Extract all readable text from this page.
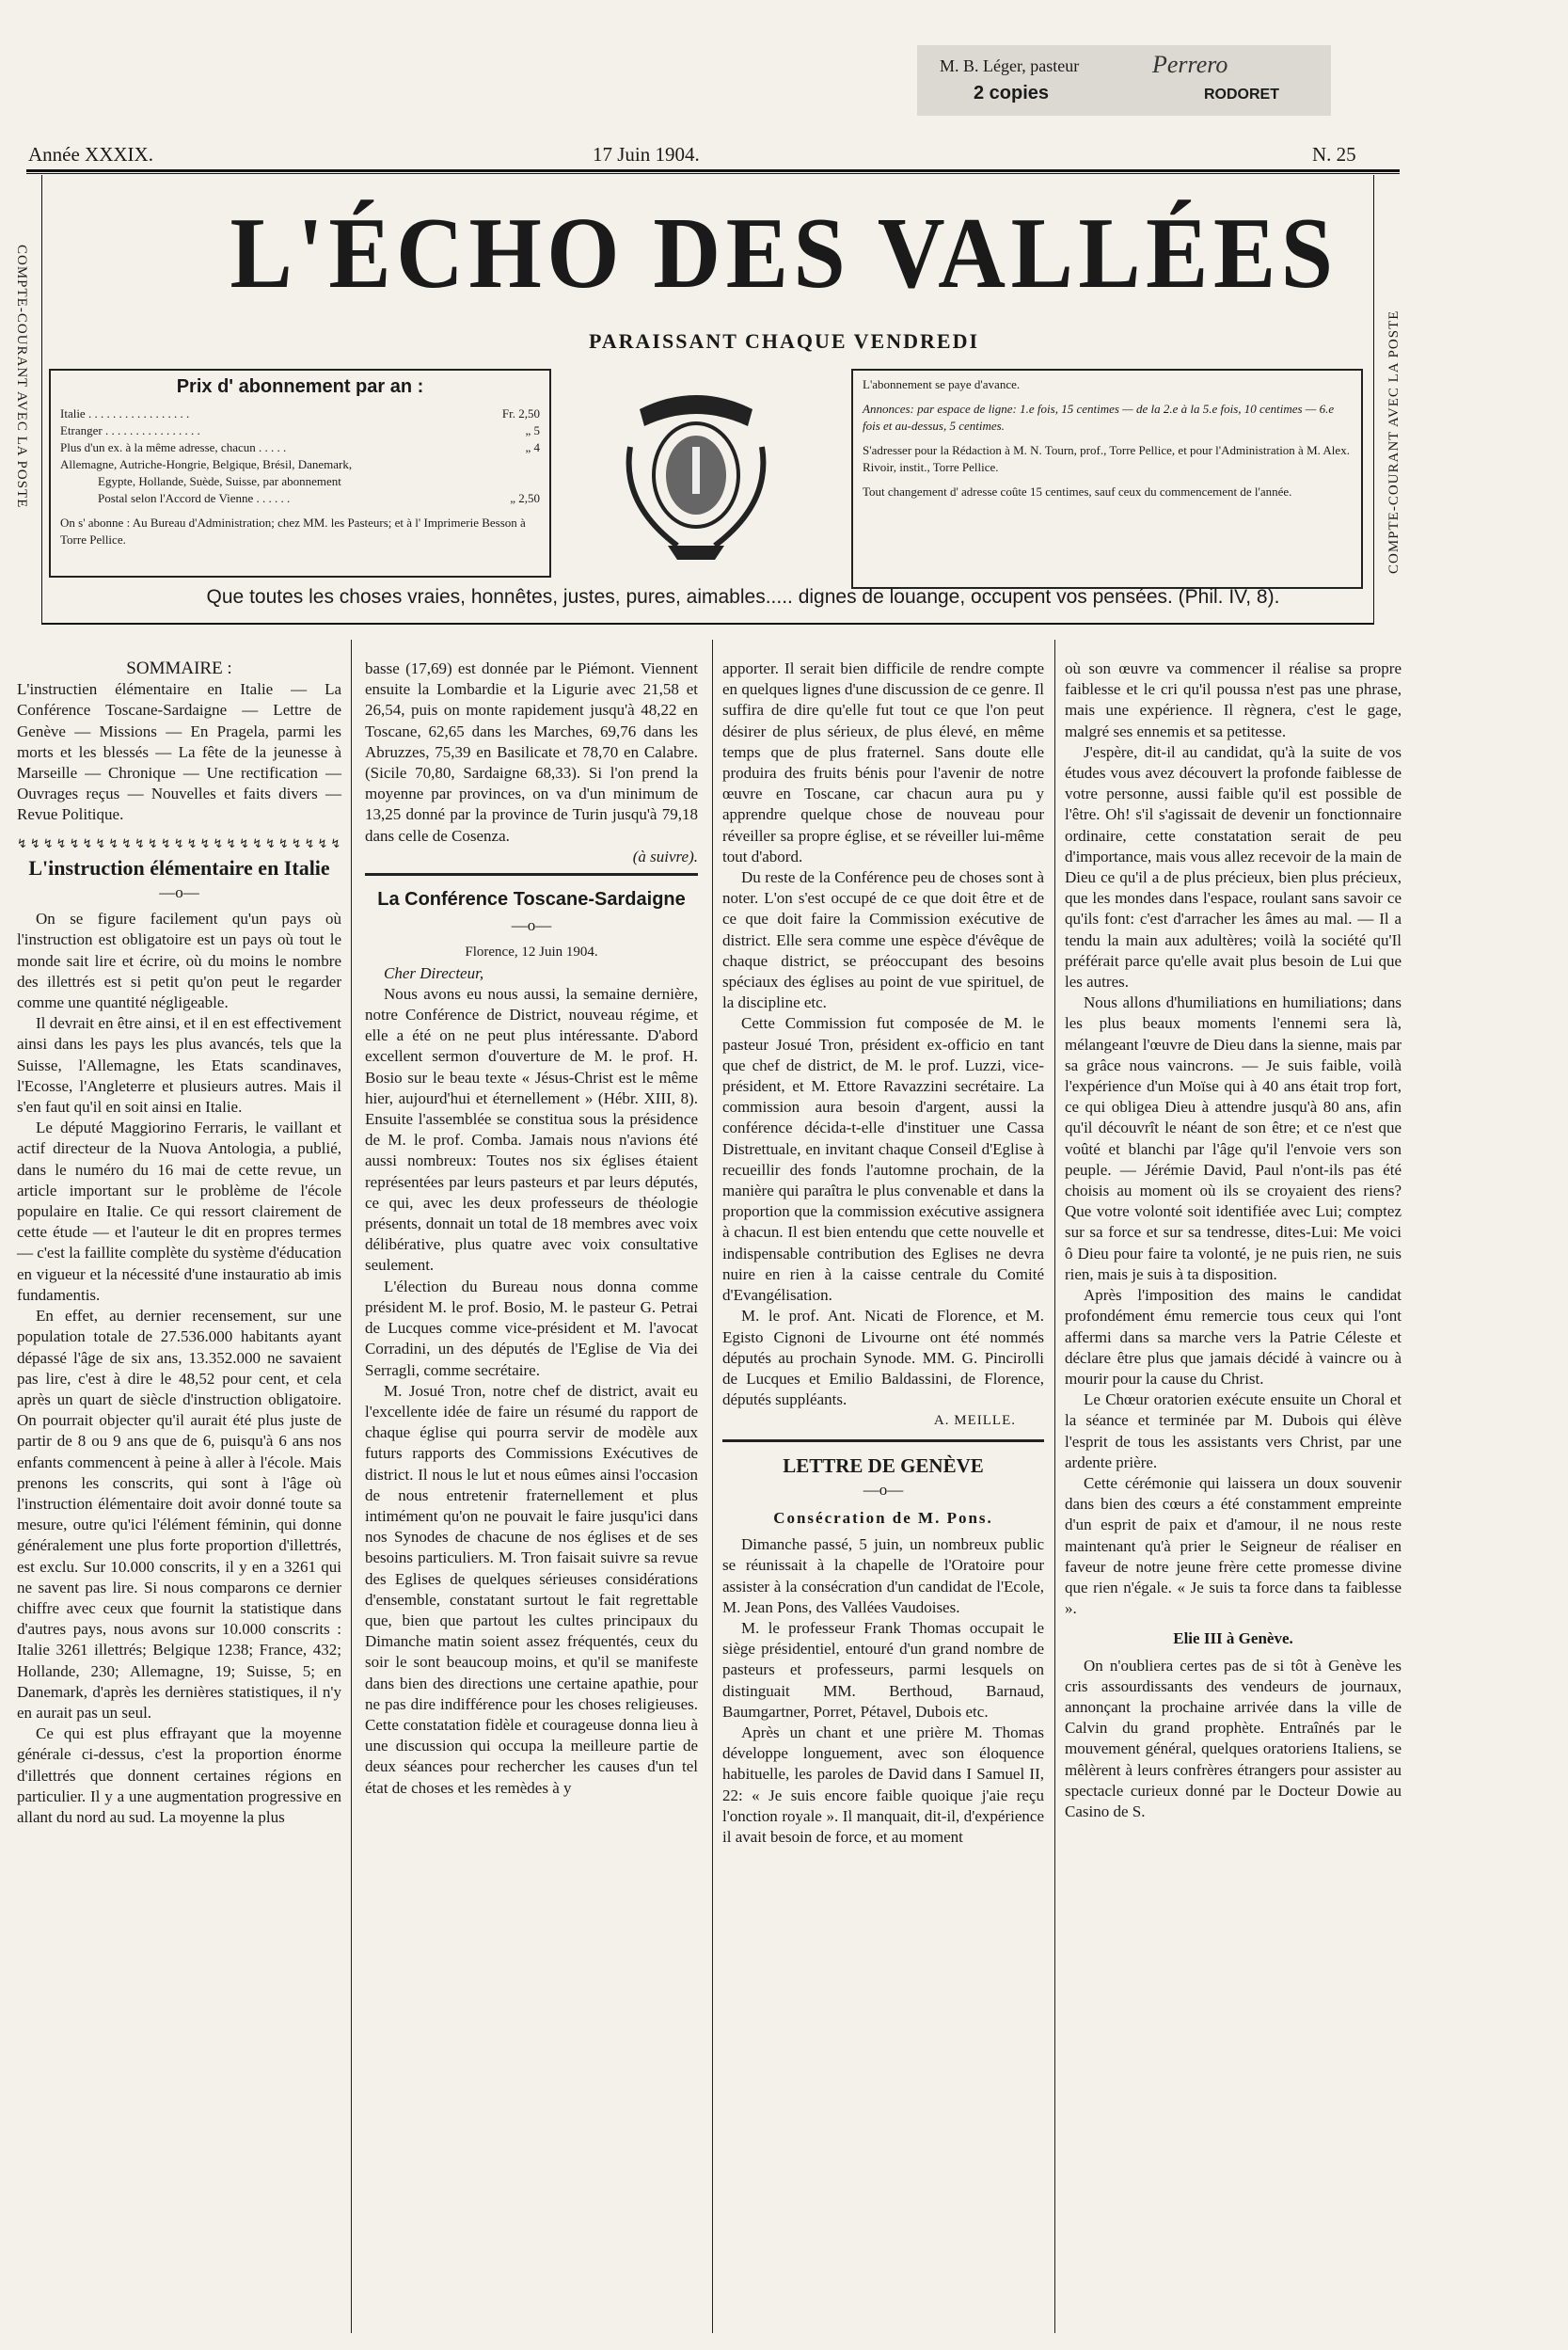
M. B. Léger, pasteur
2 copies
Perrero
RODORET
Année XXXIX.	17 Juin 1904.	N. 25
COMPTE-COURANT AVEC LA POSTE	COMPTE-COURANT AVEC LA POSTE
L'ÉCHO DES VALLÉES
PARAISSANT CHAQUE VENDREDI
Prix d' abonnement par an :
Italie . . . . . . . . . . . . . . . . .	Fr. 2,50
Etranger . . . . . . . . . . . . . . . .	„ 5
Plus d'un ex. à la même adresse, chacun . . . . .	„ 4
Allemagne, Autriche-Hongrie, Belgique, Brésil, Danemark,
Egypte, Hollande, Suède, Suisse, par abonnement
Postal selon l'Accord de Vienne . . . . . .	„ 2,50
On s' abonne : Au Bureau d'Administration; chez MM. les Pasteurs; et à l' Imprimerie Besson à Torre Pellice.
L'abonnement se paye d'avance.
Annonces: par espace de ligne: 1.e fois, 15 centimes — de la 2.e à la 5.e fois, 10 centimes — 6.e fois et au-dessus, 5 centimes.
S'adresser pour la Rédaction à M. N. Tourn, prof., Torre Pellice, et pour l'Administration à M. Alex. Rivoir, instit., Torre Pellice.
Tout changement d' adresse coûte 15 centimes, sauf ceux du commencement de l'année.
Que toutes les choses vraies, honnêtes, justes, pures, aimables..... dignes de louange, occupent vos pensées. (Phil. IV, 8).

SOMMAIRE :

L'instructien élémentaire en Italie — La Conférence Toscane-Sardaigne — Lettre de Genève — Missions — En Pragela, parmi les morts et les blessés — La fête de la jeunesse à Marseille — Chronique — Une rectification — Ouvrages reçus — Nouvelles et faits divers — Revue Politique.

↯↯↯↯↯↯↯↯↯↯↯↯↯↯↯↯↯↯↯↯↯↯↯↯↯

L'instruction élémentaire en Italie

—o—

On se figure facilement qu'un pays où l'instruction est obligatoire est un pays où tout le monde sait lire et écrire, où du moins le nombre des illettrés est si petit qu'on peut le regarder comme une quantité négligeable.

Il devrait en être ainsi, et il en est effectivement ainsi dans les pays les plus avancés, tels que la Suisse, l'Allemagne, les Etats scandinaves, l'Ecosse, l'Angleterre et plusieurs autres. Mais il s'en faut qu'il en soit ainsi en Italie.

Le député Maggiorino Ferraris, le vaillant et actif directeur de la Nuova Antologia, a publié, dans le numéro du 16 mai de cette revue, un article important sur le problème de l'école populaire en Italie. Ce qui ressort clairement de cette étude — et l'auteur le dit en propres termes — c'est la faillite complète du système d'éducation en vigueur et la nécessité d'une instauratio ab imis fundamentis.

En effet, au dernier recensement, sur une population totale de 27.536.000 habitants ayant dépassé l'âge de six ans, 13.352.000 ne savaient pas lire, c'est à dire le 48,52 pour cent, et cela après un quart de siècle d'instruction obligatoire. On pourrait objecter qu'il aurait été plus juste de partir de 8 ou 9 ans que de 6, puisqu'à 6 ans nos enfants commencent à peine à aller à l'école. Mais prenons les conscrits, qui sont à l'âge où l'instruction élémentaire doit avoir donné toute sa mesure, outre qu'ici l'élément féminin, qui donne généralement une plus forte proportion d'illettrés, est exclu. Sur 10.000 conscrits, il y en a 3261 qui ne savent pas lire. Si nous comparons ce dernier chiffre avec ceux que fournit la statistique dans d'autres pays, nous avons sur 10.000 conscrits : Italie 3261 illettrés; Belgique 1238; France, 432; Hollande, 230; Allemagne, 19; Suisse, 5; en Danemark, d'après les dernières statistiques, il n'y en aurait pas un seul.

Ce qui est plus effrayant que la moyenne générale ci-dessus, c'est la proportion énorme d'illettrés que donnent certaines régions en particulier. Il y a une augmentation progressive en allant du nord au sud. La moyenne la plus

basse (17,69) est donnée par le Piémont. Viennent ensuite la Lombardie et la Ligurie avec 21,58 et 26,54, puis on monte rapidement jusqu'à 48,22 en Toscane, 62,65 dans les Marches, 69,76 dans les Abruzzes, 75,39 en Basilicate et 78,70 en Calabre. (Sicile 70,80, Sardaigne 68,33). Si l'on prend la moyenne par provinces, on va d'un minimum de 13,25 donné par la province de Turin jusqu'à 79,18 dans celle de Cosenza.

(à suivre).

La Conférence Toscane-Sardaigne

—o—

Florence, 12 Juin 1904.

Cher Directeur,

Nous avons eu nous aussi, la semaine dernière, notre Conférence de District, nouveau régime, et elle a été on ne peut plus intéressante. D'abord excellent sermon d'ouverture de M. le prof. H. Bosio sur le beau texte « Jésus-Christ est le même hier, aujourd'hui et éternellement » (Hébr. XIII, 8). Ensuite l'assemblée se constitua sous la présidence de M. le prof. Comba. Jamais nous n'avions été aussi nombreux: Toutes nos six églises étaient représentées par leurs pasteurs et par leurs députés, ce qui, avec les deux professeurs de théologie présents, donnait un total de 18 membres avec voix délibérative, plus quatre avec voix consultative seulement.

L'élection du Bureau nous donna comme président M. le prof. Bosio, M. le pasteur G. Petrai de Lucques comme vice-président et M. l'avocat Corradini, un des députés de l'Eglise de Via dei Serragli, comme secrétaire.

M. Josué Tron, notre chef de district, avait eu l'excellente idée de faire un résumé du rapport de chaque église qui pourra servir de modèle aux futurs rapports des Commissions Exécutives de district. Il nous le lut et nous eûmes ainsi l'occasion de nous entretenir fraternellement et plus intimément qu'on ne pouvait le faire jusqu'ici dans nos Synodes de chacune de nos églises et de ses besoins particuliers. M. Tron faisait suivre sa revue des Eglises de quelques sérieuses considérations d'ensemble, constatant surtout le fait regrettable que, bien que partout les cultes principaux du Dimanche matin soient assez fréquentés, ceux du soir le sont beaucoup moins, et qu'il se manifeste dans bien des directions une certaine apathie, pour ne pas dire indifférence pour les choses religieuses. Cette constatation fidèle et courageuse donna lieu à une discussion qui occupa la meilleure partie de deux séances pour rechercher les causes d'un tel état de choses et les remèdes à y

apporter. Il serait bien difficile de rendre compte en quelques lignes d'une discussion de ce genre. Il suffira de dire qu'elle fut tout ce que l'on peut désirer de plus sérieux, de plus élevé, en même temps que de plus fraternel. Sans doute elle produira des fruits bénis pour l'avenir de notre œuvre en Toscane, car chacun aura pu y apprendre quelque chose de nouveau pour réveiller sa propre église, et se réveiller lui-même tout d'abord.

Du reste de la Conférence peu de choses sont à noter. L'on s'est occupé de ce que doit être et de ce que doit faire la Commission exécutive de district. Elle sera comme une espèce d'évêque de chaque district, se préoccupant des besoins spéciaux des églises au point de vue spirituel, de la discipline etc.

Cette Commission fut composée de M. le pasteur Josué Tron, président ex-officio en tant que chef de district, de M. le prof. Luzzi, vice-président, et M. Ettore Ravazzini secrétaire. La commission aura besoin d'argent, aussi la conférence décida-t-elle d'instituer une Cassa Distrettuale, en invitant chaque Conseil d'Eglise à recueillir des fonds l'automne prochain, de la manière qui paraîtra le plus convenable et dans la proportion que la commission exécutive assignera à chacun. Il est bien entendu que cette nouvelle et indispensable contribution des Eglises ne devra nuire en rien à la caisse centrale du Comité d'Evangélisation.

M. le prof. Ant. Nicati de Florence, et M. Egisto Cignoni de Livourne ont été nommés députés au prochain Synode. MM. G. Pincirolli de Lucques et Emilio Baldassini, de Florence, députés suppléants.

A. MEILLE.

LETTRE DE GENÈVE

—o—

Consécration de M. Pons.

Dimanche passé, 5 juin, un nombreux public se réunissait à la chapelle de l'Oratoire pour assister à la consécration d'un candidat de l'Ecole, M. Jean Pons, des Vallées Vaudoises.

M. le professeur Frank Thomas occupait le siège présidentiel, entouré d'un grand nombre de pasteurs et professeurs, parmi lesquels on distinguait MM. Berthoud, Barnaud, Baumgartner, Porret, Pétavel, Dubois etc.

Après un chant et une prière M. Thomas développe longuement, avec son éloquence habituelle, les paroles de David dans I Samuel II, 22: « Je suis encore faible quoique j'aie reçu l'onction royale ». Il manquait, dit-il, d'expérience il avait besoin de force, et au moment

où son œuvre va commencer il réalise sa propre faiblesse et le cri qu'il poussa n'est pas une phrase, mais une expérience. Il règnera, c'est le gage, malgré ses ennemis et sa petitesse.

J'espère, dit-il au candidat, qu'à la suite de vos études vous avez découvert la profonde faiblesse de votre personne, aussi faible qu'il est possible de l'être. Oh! s'il s'agissait de devenir un fonctionnaire ordinaire, cette constatation serait de peu d'importance, mais vous allez recevoir de la main de Dieu ce qu'il a de plus précieux, bien plus précieux, que les mondes dans l'espace, roulant sans savoir ce qu'ils font: c'est d'arracher les âmes au mal. — Il a tendu la main aux adultères; voilà la société qu'Il préférait parce qu'elle avait plus besoin de Lui que les autres.

Nous allons d'humiliations en humiliations; dans les plus beaux moments l'ennemi sera là, mélangeant l'œuvre de Dieu dans la sienne, mais par sa grâce nous vaincrons. — Je suis faible, voilà l'expérience d'un Moïse qui à 40 ans était trop fort, ce qui obligea Dieu à attendre jusqu'à 80 ans, afin qu'il découvrît le néant de son être; et ce n'est que voûté et blanchi par l'âge qu'il l'envoie vers son peuple. — Jérémie David, Paul n'ont-ils pas été choisis au moment où ils se croyaient des riens? Que votre volonté soit identifiée avec Lui; comptez sur sa force et sur sa tendresse, dites-Lui: Me voici ô Dieu pour faire ta volonté, je ne puis rien, ne suis rien, mais je suis à ta disposition.

Après l'imposition des mains le candidat profondément ému remercie tous ceux qui l'ont affermi dans sa marche vers la Patrie Céleste et déclare être plus que jamais décidé à vaincre ou à mourir pour la cause du Christ.

Le Chœur oratorien exécute ensuite un Choral et la séance et terminée par M. Dubois qui élève l'esprit de tous les assistants vers Christ, par une ardente prière.

Cette cérémonie qui laissera un doux souvenir dans bien des cœurs a été constamment empreinte d'un esprit de paix et d'amour, il ne nous reste maintenant qu'à prier le Seigneur de réaliser en faveur de notre jeune frère cette promesse divine que rien n'égale. « Je suis ta force dans ta faiblesse ».

Elie III à Genève.

On n'oubliera certes pas de si tôt à Genève les cris assourdissants des vendeurs de journaux, annonçant la prochaine arrivée dans la ville de Calvin du grand prophète. Entraînés par le mouvement général, quelques oratoriens Italiens, se mêlèrent à leurs confrères étrangers pour assister au spectacle curieux donné par le Docteur Dowie au Casino de S.
